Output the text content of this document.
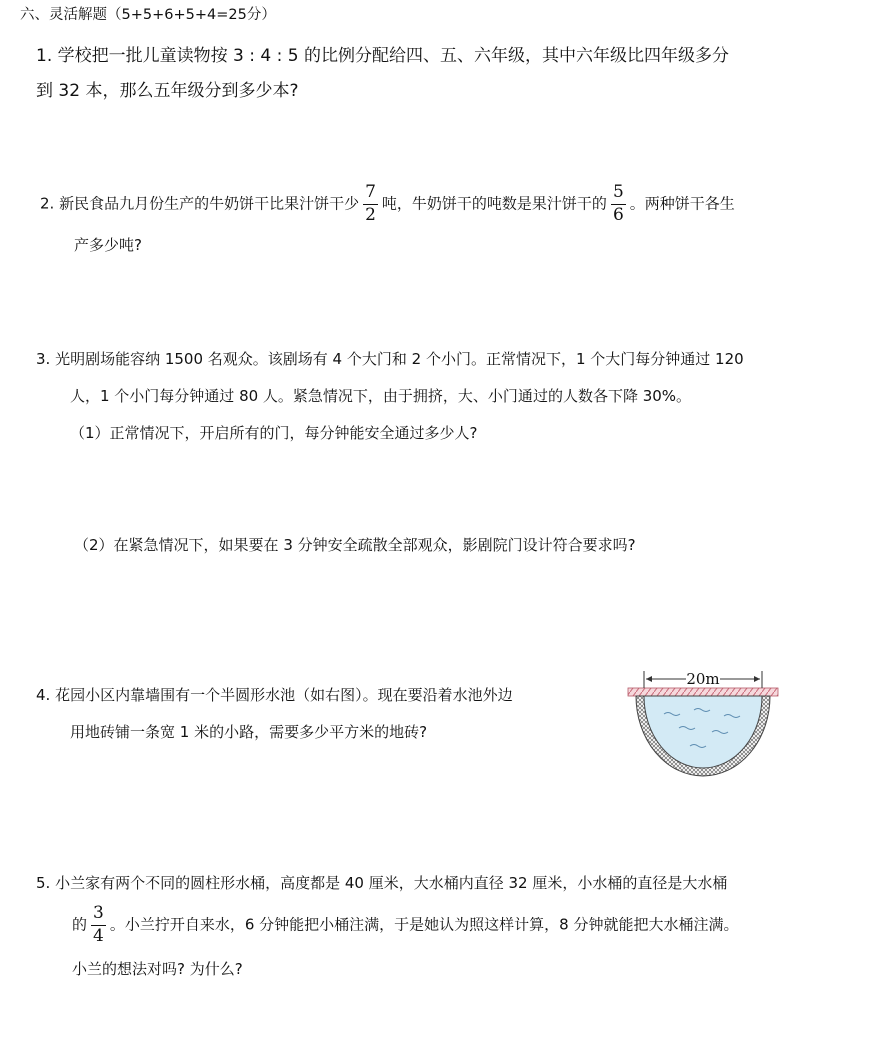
六、灵活解题（5+5+6+5+4=25分）
1. 学校把一批儿童读物按 3 : 4 : 5 的比例分配给四、五、六年级，其中六年级比四年级多分
到 32 本，那么五年级分到多少本?
2. 新民食品九月份生产的牛奶饼干比果汁饼干少 $\frac{7}{2}$ 吨，牛奶饼干的吨数是果汁饼干的 $\frac{5}{6}$ 。两种饼干各生
产多少吨?
3. 光明剧场能容纳 1500 名观众。该剧场有 4 个大门和 2 个小门。正常情况下，1 个大门每分钟通过 120
人，1 个小门每分钟通过 80 人。紧急情况下，由于拥挤，大、小门通过的人数各下降 30%。
（1）正常情况下，开启所有的门，每分钟能安全通过多少人?
（2）在紧急情况下，如果要在 3 分钟安全疏散全部观众，影剧院门设计符合要求吗?
4. 花园小区内靠墙围有一个半圆形水池（如右图）。现在要沿着水池外边
用地砖铺一条宽 1 米的小路，需要多少平方米的地砖?
20m
5. 小兰家有两个不同的圆柱形水桶，高度都是 40 厘米，大水桶内直径 32 厘米，小水桶的直径是大水桶
的 $\frac{3}{4}$ 。小兰拧开自来水，6 分钟能把小桶注满，于是她认为照这样计算，8 分钟就能把大水桶注满。
小兰的想法对吗? 为什么?
